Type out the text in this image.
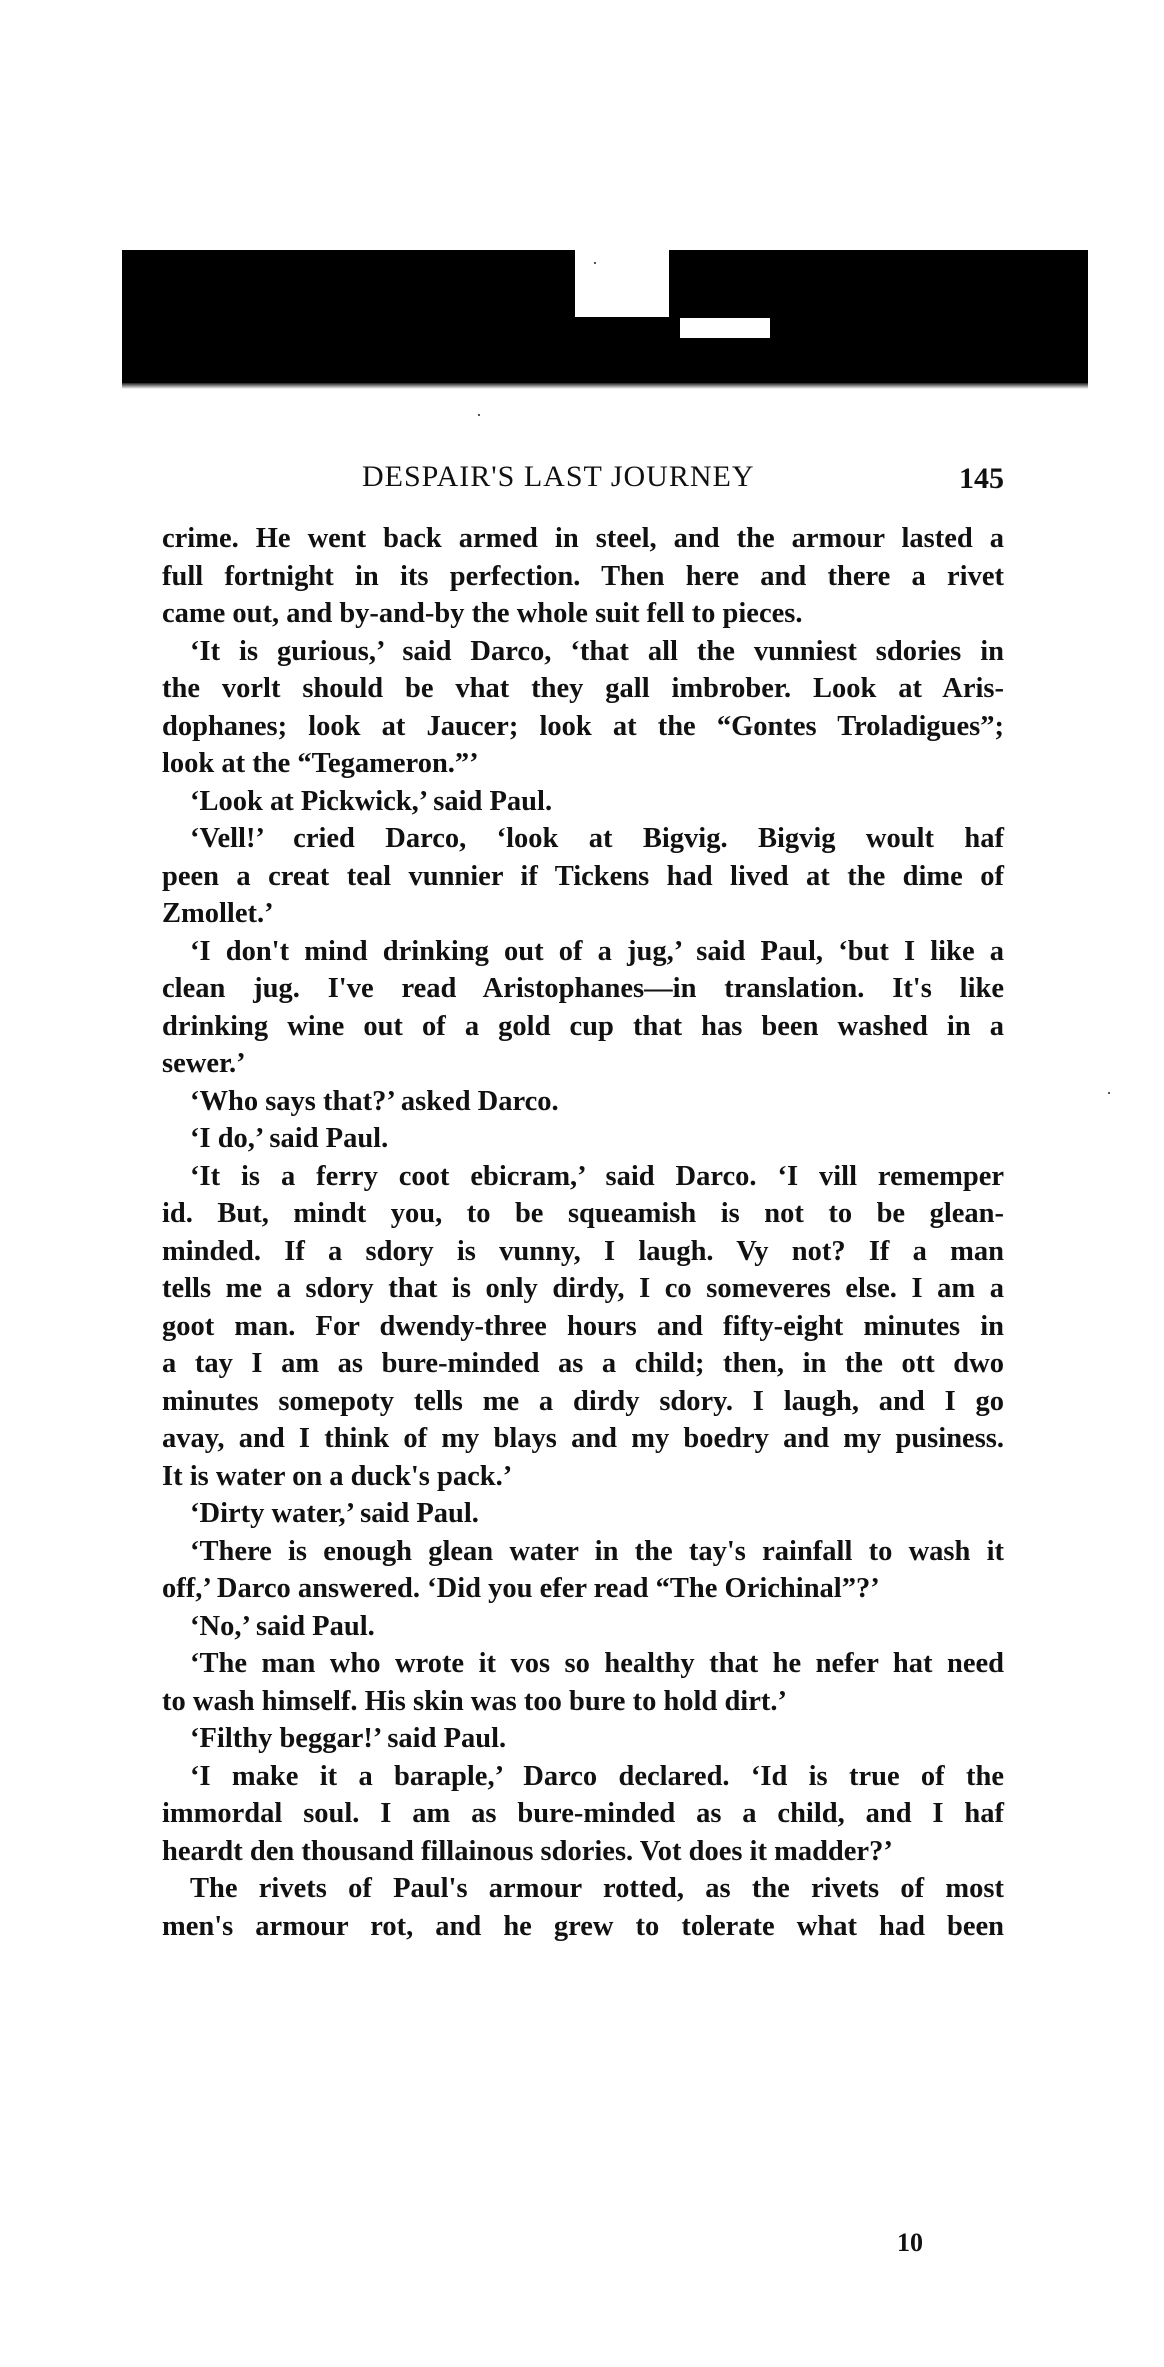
DESPAIR'S LAST JOURNEY	145
crime. He went back armed in steel, and the armour lasted a
full fortnight in its perfection. Then here and there a rivet
came out, and by-and-by the whole suit fell to pieces.
‘It is gurious,’ said Darco, ‘that all the vunniest sdories in
the vorlt should be vhat they gall imbrober. Look at Aris-
dophanes; look at Jaucer; look at the “Gontes Troladigues”;
look at the “Tegameron.”’
‘Look at Pickwick,’ said Paul.
‘Vell!’ cried Darco, ‘look at Bigvig. Bigvig woult haf
peen a creat teal vunnier if Tickens had lived at the dime of
Zmollet.’
‘I don't mind drinking out of a jug,’ said Paul, ‘but I like a
clean jug. I've read Aristophanes—in translation. It's like
drinking wine out of a gold cup that has been washed in a
sewer.’
‘Who says that?’ asked Darco.
‘I do,’ said Paul.
‘It is a ferry coot ebicram,’ said Darco. ‘I vill rememper
id. But, mindt you, to be squeamish is not to be glean-
minded. If a sdory is vunny, I laugh. Vy not? If a man
tells me a sdory that is only dirdy, I co someveres else. I am a
goot man. For dwendy-three hours and fifty-eight minutes in
a tay I am as bure-minded as a child; then, in the ott dwo
minutes somepoty tells me a dirdy sdory. I laugh, and I go
avay, and I think of my blays and my boedry and my pusiness.
It is water on a duck's pack.’
‘Dirty water,’ said Paul.
‘There is enough glean water in the tay's rainfall to wash it
off,’ Darco answered. ‘Did you efer read “The Orichinal”?’
‘No,’ said Paul.
‘The man who wrote it vos so healthy that he nefer hat need
to wash himself. His skin was too bure to hold dirt.’
‘Filthy beggar!’ said Paul.
‘I make it a baraple,’ Darco declared. ‘Id is true of the
immordal soul. I am as bure-minded as a child, and I haf
heardt den thousand fillainous sdories. Vot does it madder?’
The rivets of Paul's armour rotted, as the rivets of most
men's armour rot, and he grew to tolerate what had been
10
